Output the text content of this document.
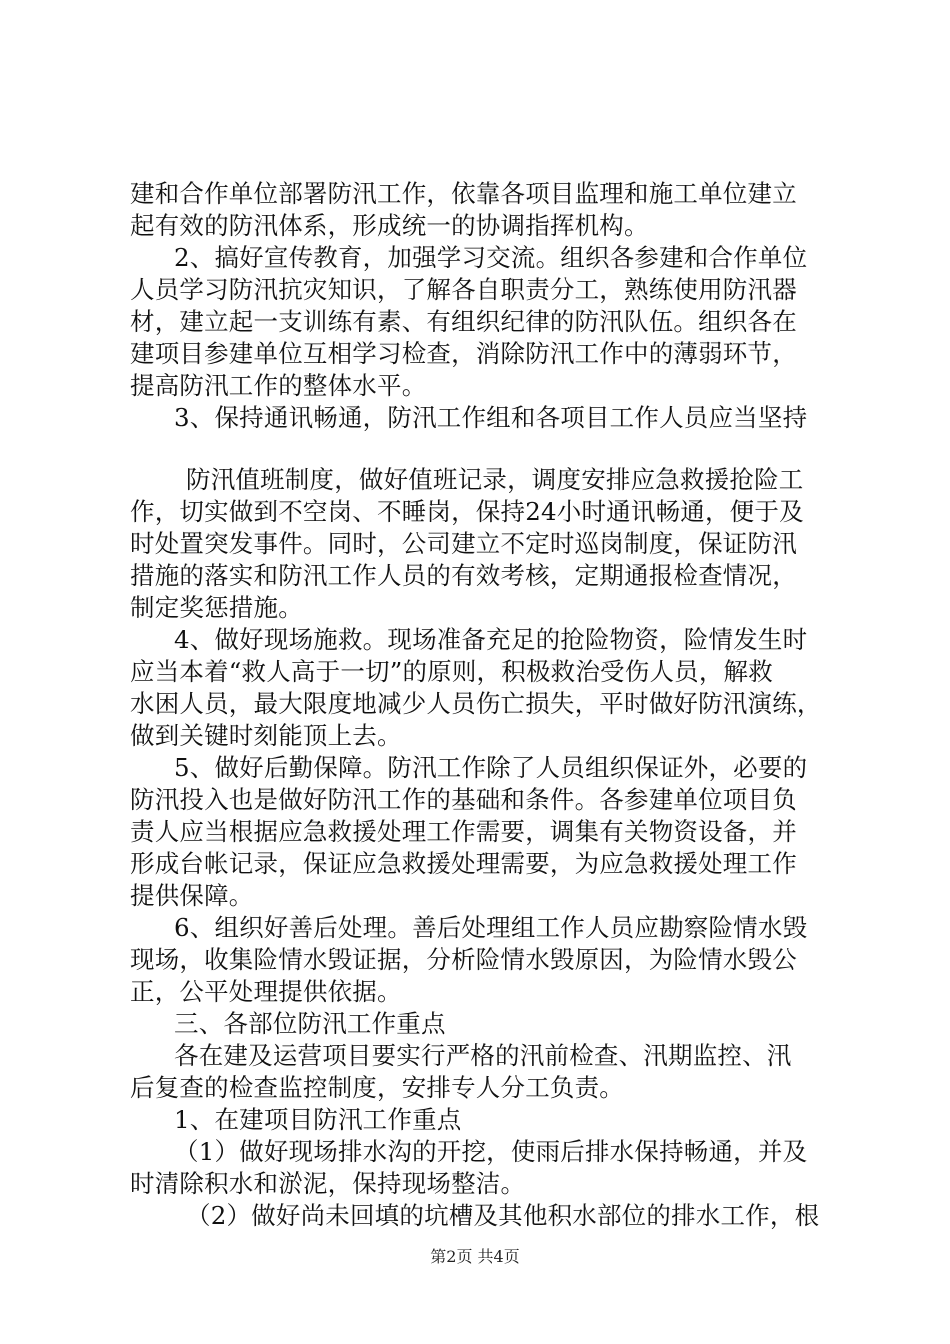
建和合作单位部署防汛工作，依靠各项目监理和施工单位建立
起有效的防汛体系，形成统一的协调指挥机构。
2、搞好宣传教育，加强学习交流。组织各参建和合作单位
人员学习防汛抗灾知识，了解各自职责分工，熟练使用防汛器
材，建立起一支训练有素、有组织纪律的防汛队伍。组织各在
建项目参建单位互相学习检查，消除防汛工作中的薄弱环节，
提高防汛工作的整体水平。
3、保持通讯畅通，防汛工作组和各项目工作人员应当坚持
防汛值班制度，做好值班记录，调度安排应急救援抢险工
作，切实做到不空岗、不睡岗，保持24小时通讯畅通，便于及
时处置突发事件。同时，公司建立不定时巡岗制度，保证防汛
措施的落实和防汛工作人员的有效考核，定期通报检查情况，
制定奖惩措施。
4、做好现场施救。现场准备充足的抢险物资，险情发生时
应当本着“救人高于一切”的原则，积极救治受伤人员，解救
水困人员，最大限度地减少人员伤亡损失，平时做好防汛演练，
做到关键时刻能顶上去。
5、做好后勤保障。防汛工作除了人员组织保证外，必要的
防汛投入也是做好防汛工作的基础和条件。各参建单位项目负
责人应当根据应急救援处理工作需要，调集有关物资设备，并
形成台帐记录，保证应急救援处理需要，为应急救援处理工作
提供保障。
6、组织好善后处理。善后处理组工作人员应勘察险情水毁
现场，收集险情水毁证据，分析险情水毁原因，为险情水毁公
正，公平处理提供依据。
三、各部位防汛工作重点
各在建及运营项目要实行严格的汛前检查、汛期监控、汛
后复查的检查监控制度，安排专人分工负责。
1、在建项目防汛工作重点
（1）做好现场排水沟的开挖，使雨后排水保持畅通，并及
时清除积水和淤泥，保持现场整洁。
（2）做好尚未回填的坑槽及其他积水部位的排水工作，根
第2页 共4页
